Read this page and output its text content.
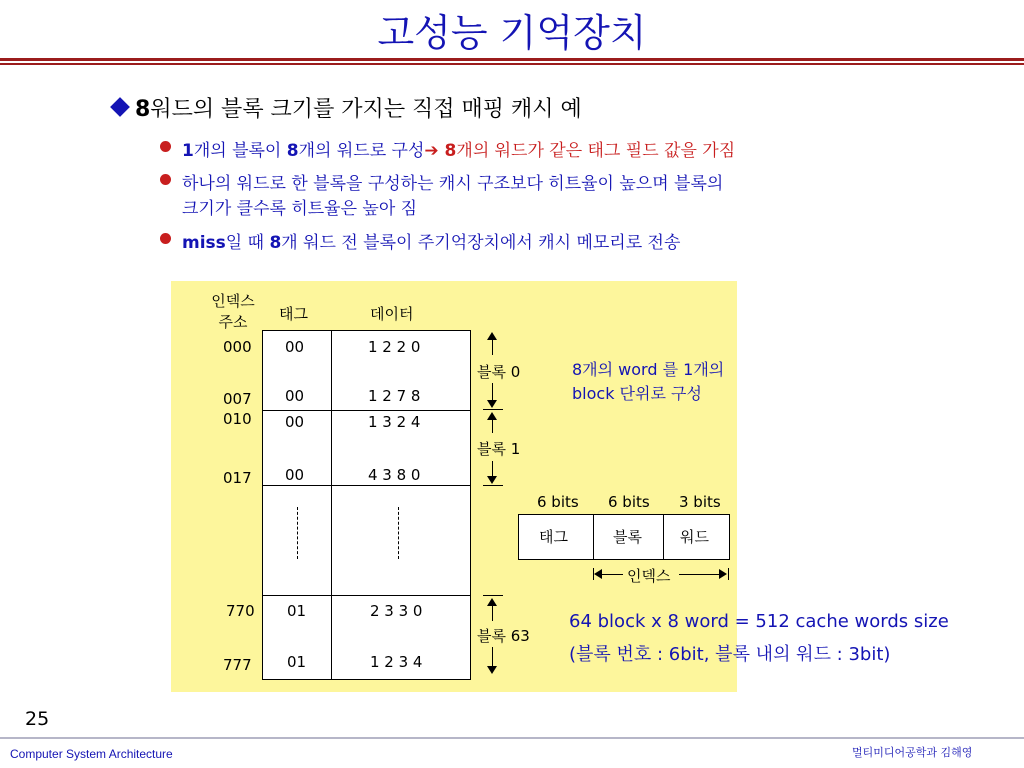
고성능 기억장치
8워드의 블록 크기를 가지는 직접 매핑 캐시 예
1개의 블록이 8개의 워드로 구성➔ 8개의 워드가 같은 태그 필드 값을 가짐
하나의 워드로 한 블록을 구성하는 캐시 구조보다 히트율이 높으며 블록의
크기가 클수록 히트율은 높아 짐
miss일 때 8개 워드 전 블록이 주기억장치에서 캐시 메모리로 전송
인덱스
주소	태그	데이터
000 00	1 2 2 0
007 00	1 2 7 8
010 00	1 3 2 4
017 00	4 3 8 0
770 01	2 3 3 0
777 01	1 2 3 4
블록 0
블록 1
블록 63
6 bits 6 bits 3 bits
태그	블록	워드
인덱스
8개의 word 를 1개의
block 단위로 구성
64 block x 8 word = 512 cache words size
(블록 번호 : 6bit, 블록 내의 워드 : 3bit)
25
Computer System Architecture	멀티미디어공학과 김해영
